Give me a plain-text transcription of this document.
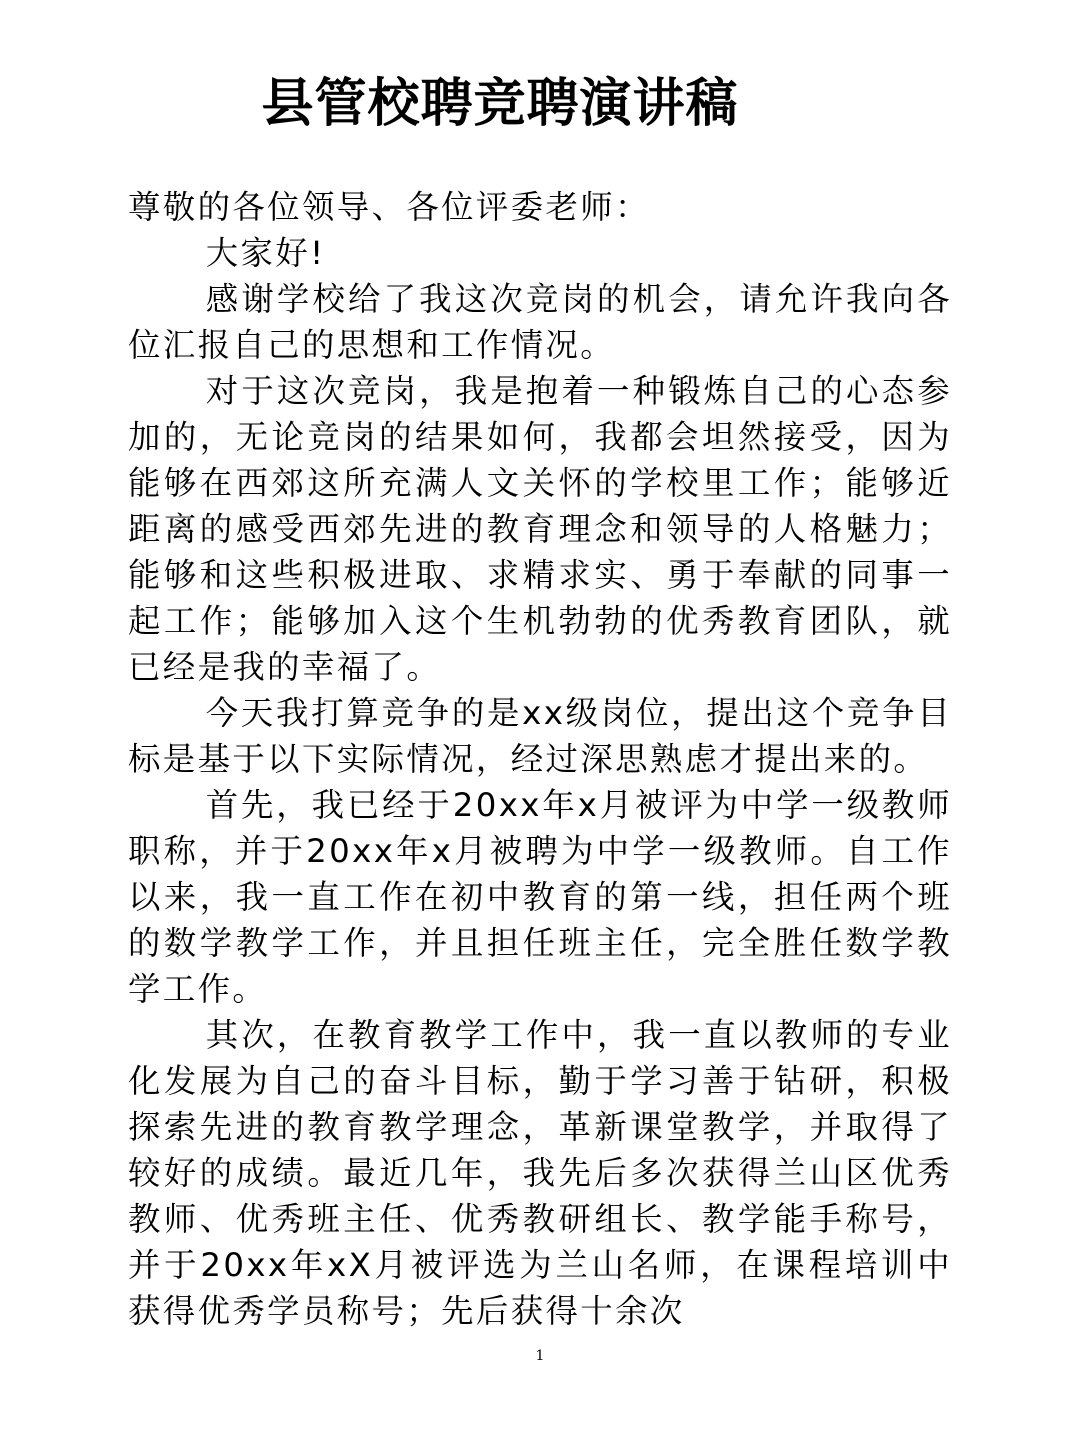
县管校聘竞聘演讲稿

尊敬的各位领导、各位评委老师：

大家好!

感谢学校给了我这次竞岗的机会，请允许我向各位汇报自己的思想和工作情况。

对于这次竞岗，我是抱着一种锻炼自己的心态参加的，无论竞岗的结果如何，我都会坦然接受，因为能够在西郊这所充满人文关怀的学校里工作；能够近距离的感受西郊先进的教育理念和领导的人格魅力；能够和这些积极进取、求精求实、勇于奉献的同事一起工作；能够加入这个生机勃勃的优秀教育团队，就已经是我的幸福了。

今天我打算竞争的是xx级岗位，提出这个竞争目标是基于以下实际情况，经过深思熟虑才提出来的。

首先，我已经于20xx年x月被评为中学一级教师职称，并于20xx年x月被聘为中学一级教师。自工作以来，我一直工作在初中教育的第一线，担任两个班的数学教学工作，并且担任班主任，完全胜任数学教学工作。

其次，在教育教学工作中，我一直以教师的专业化发展为自己的奋斗目标，勤于学习善于钻研，积极探索先进的教育教学理念，革新课堂教学，并取得了较好的成绩。最近几年，我先后多次获得兰山区优秀教师、优秀班主任、优秀教研组长、教学能手称号，并于20xx年xX月被评选为兰山名师，在课程培训中获得优秀学员称号；先后获得十余次

1
